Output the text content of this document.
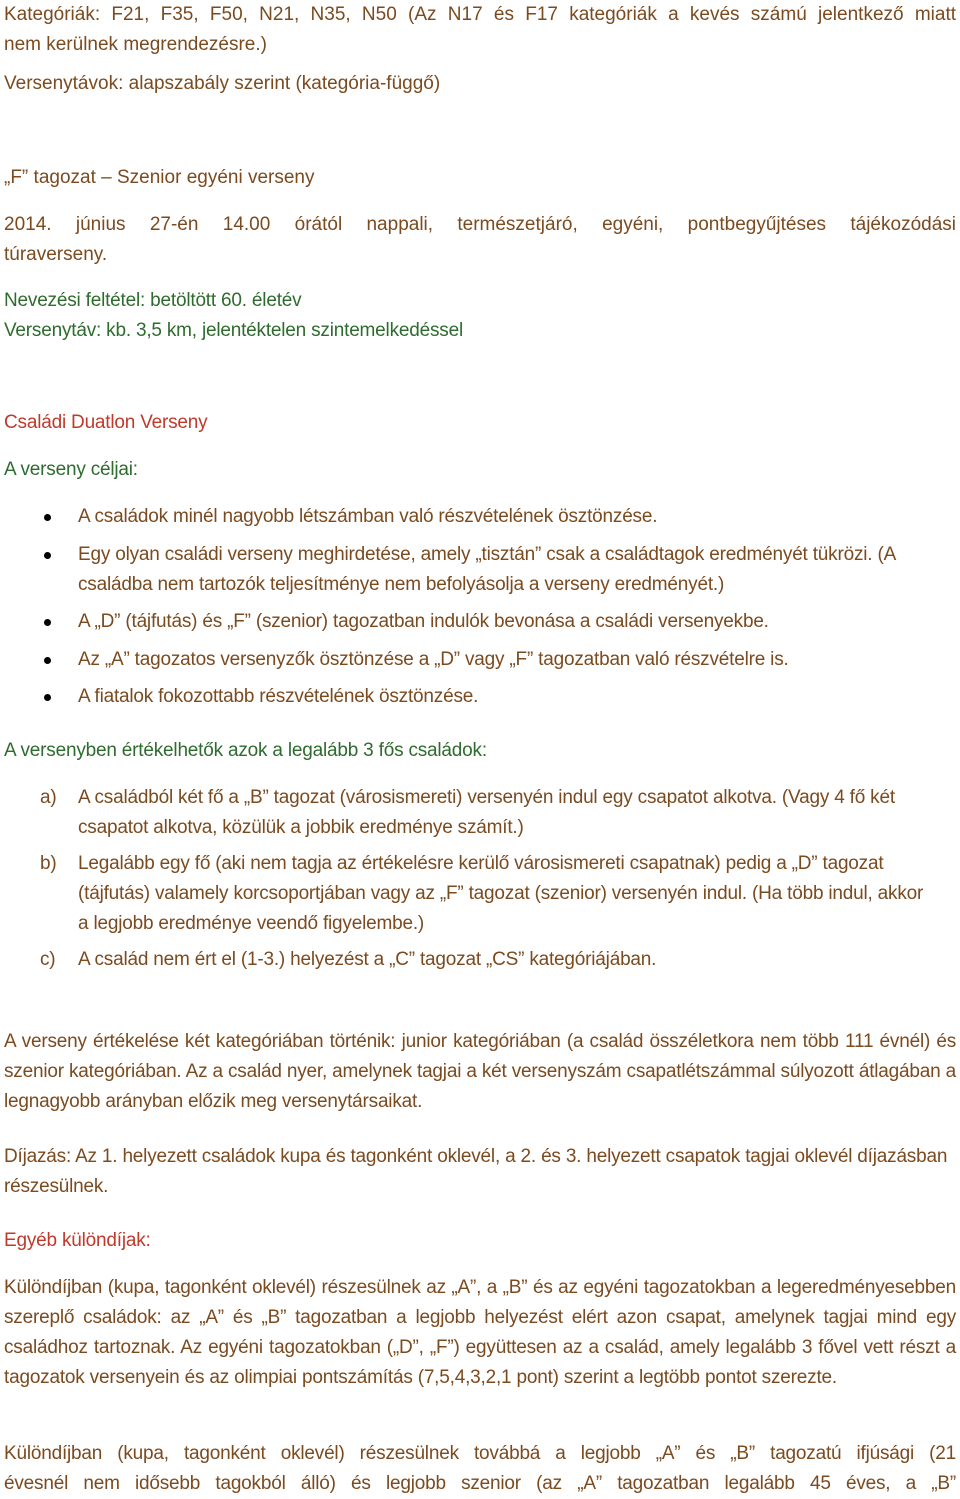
Kategóriák: F21, F35, F50, N21, N35, N50 (Az N17 és F17 kategóriák a kevés számú jelentkező miatt
nem kerülnek megrendezésre.)
Versenytávok: alapszabály szerint (kategória-függő)
„F” tagozat – Szenior egyéni verseny
2014. június 27-én 14.00 órától nappali, természetjáró, egyéni, pontbegyűjtéses tájékozódási
túraverseny.
Nevezési feltétel: betöltött 60. életév
Versenytáv: kb. 3,5 km, jelentéktelen szintemelkedéssel
Családi Duatlon Verseny
A verseny céljai:
A családok minél nagyobb létszámban való részvételének ösztönzése.
Egy olyan családi verseny meghirdetése, amely „tisztán” csak a családtagok eredményét tükrözi. (A családba nem tartozók teljesítménye nem befolyásolja a verseny eredményét.)
A „D” (tájfutás) és „F” (szenior) tagozatban indulók bevonása a családi versenyekbe.
Az „A” tagozatos versenyzők ösztönzése a „D” vagy „F” tagozatban való részvételre is.
A fiatalok fokozottabb részvételének ösztönzése.
A versenyben értékelhetők azok a legalább 3 fős családok:
a) A családból két fő a „B” tagozat (városismereti) versenyén indul egy csapatot alkotva. (Vagy 4 fő két csapatot alkotva, közülük a jobbik eredménye számít.)
b) Legalább egy fő (aki nem tagja az értékelésre kerülő városismereti csapatnak) pedig a „D” tagozat (tájfutás) valamely korcsoportjában vagy az „F” tagozat (szenior) versenyén indul. (Ha több indul, akkor a legjobb eredménye veendő figyelembe.)
c) A család nem ért el (1-3.) helyezést a „C” tagozat „CS” kategóriájában.
A verseny értékelése két kategóriában történik: junior kategóriában (a család összéletkora nem több 111 évnél) és szenior kategóriában. Az a család nyer, amelynek tagjai a két versenyszám csapatlétszámmal súlyozott átlagában a legnagyobb arányban előzik meg versenytársaikat.
Díjazás: Az 1. helyezett családok kupa és tagonként oklevél, a 2. és 3. helyezett csapatok tagjai oklevél díjazásban részesülnek.
Egyéb különdíjak:
Különdíjban (kupa, tagonként oklevél) részesülnek az „A”, a „B” és az egyéni tagozatokban a legeredményesebben szereplő családok: az „A” és „B” tagozatban a legjobb helyezést elért azon csapat, amelynek tagjai mind egy családhoz tartoznak. Az egyéni tagozatokban („D”, „F”) együttesen az a család, amely legalább 3 fővel vett részt a tagozatok versenyein és az olimpiai pontszámítás (7,5,4,3,2,1 pont) szerint a legtöbb pontot szerezte.
Különdíjban (kupa, tagonként oklevél) részesülnek továbbá a legjobb „A” és „B” tagozatú ifjúsági (21
évesnél nem idősebb tagokból álló) és legjobb szenior (az „A” tagozatban legalább 45 éves, a „B”
